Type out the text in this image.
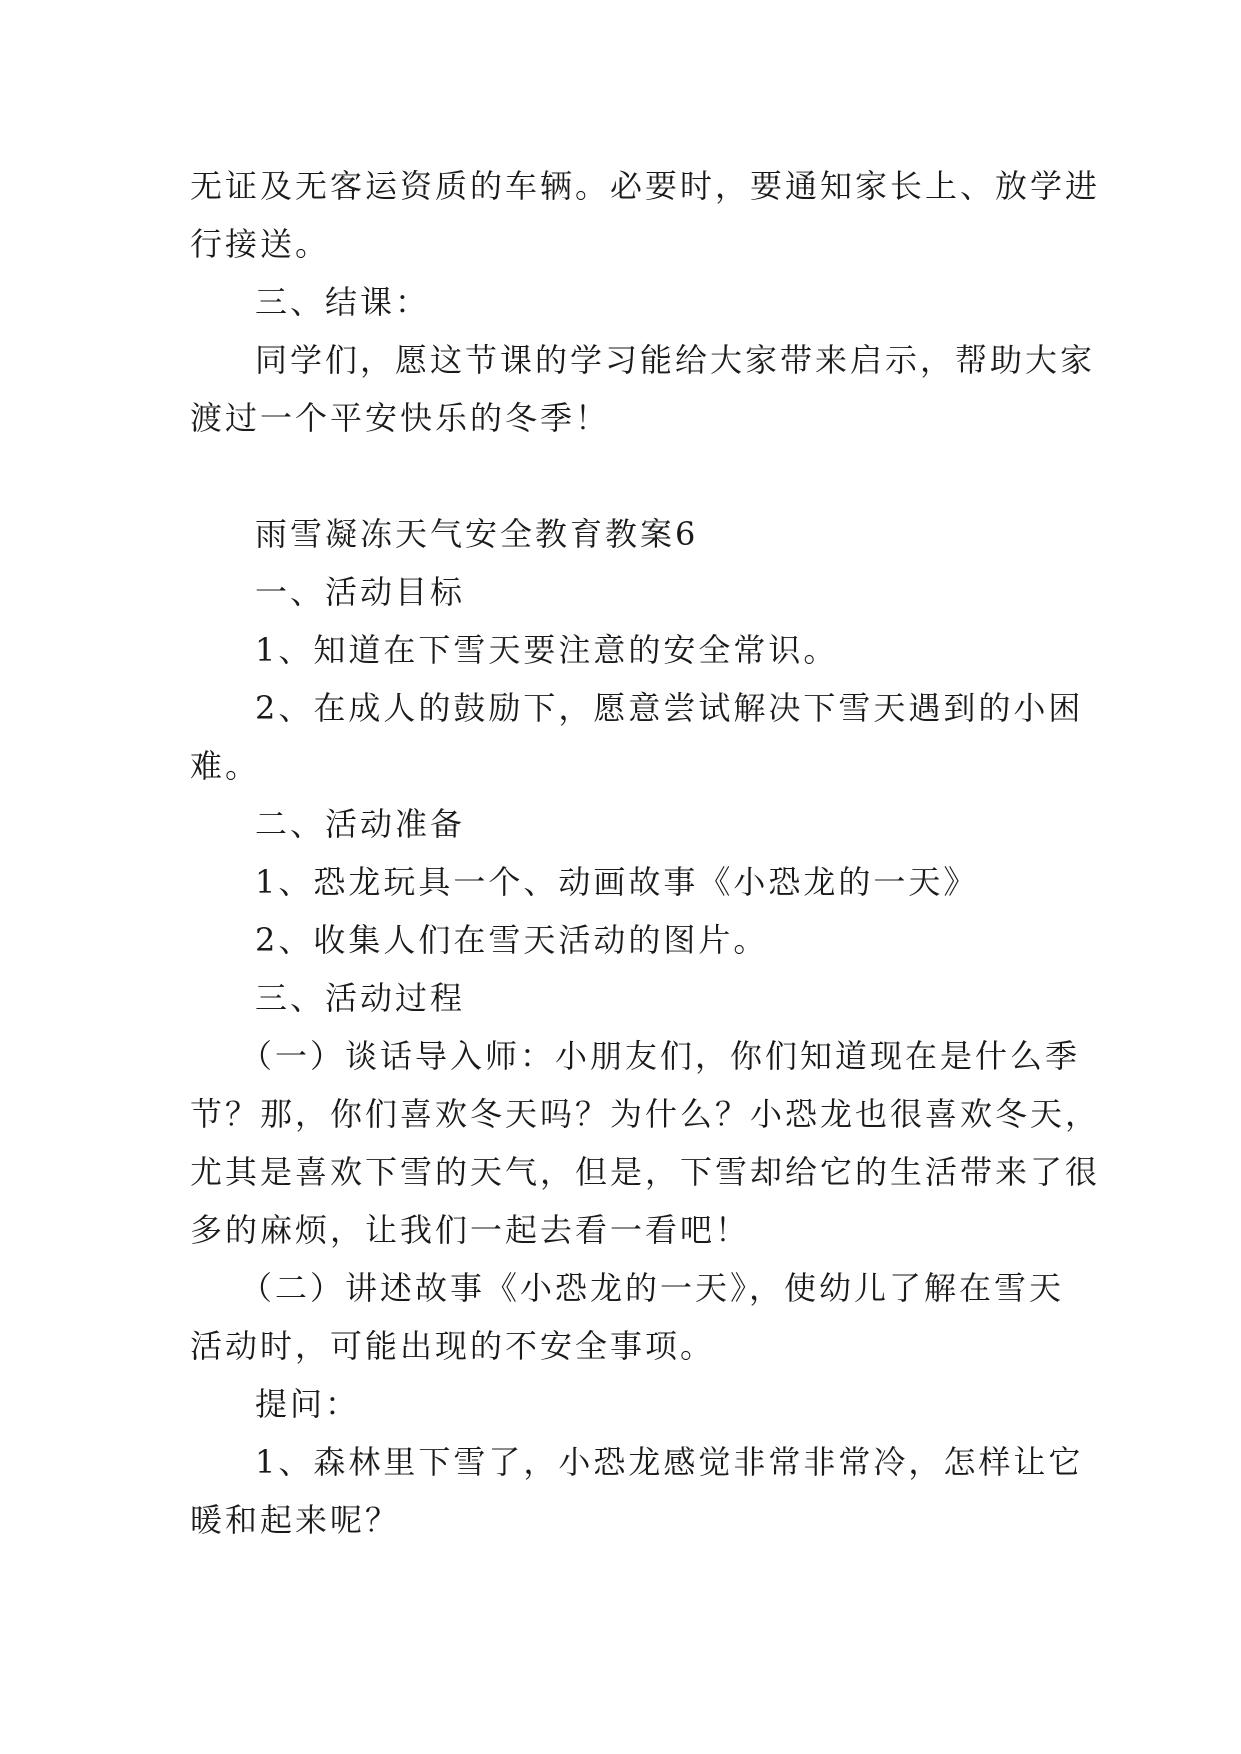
无证及无客运资质的车辆。必要时，要通知家长上、放学进

行接送。

三、结课：

同学们，愿这节课的学习能给大家带来启示，帮助大家

渡过一个平安快乐的冬季！

雨雪凝冻天气安全教育教案6

一、活动目标

1、知道在下雪天要注意的安全常识。

2、在成人的鼓励下，愿意尝试解决下雪天遇到的小困

难。

二、活动准备

1、恐龙玩具一个、动画故事《小恐龙的一天》

2、收集人们在雪天活动的图片。

三、活动过程

（一）谈话导入师：小朋友们，你们知道现在是什么季

节？那，你们喜欢冬天吗？为什么？小恐龙也很喜欢冬天，

尤其是喜欢下雪的天气，但是，下雪却给它的生活带来了很

多的麻烦，让我们一起去看一看吧！

（二）讲述故事《小恐龙的一天》，使幼儿了解在雪天

活动时，可能出现的不安全事项。

提问：

1、森林里下雪了，小恐龙感觉非常非常冷，怎样让它

暖和起来呢？
